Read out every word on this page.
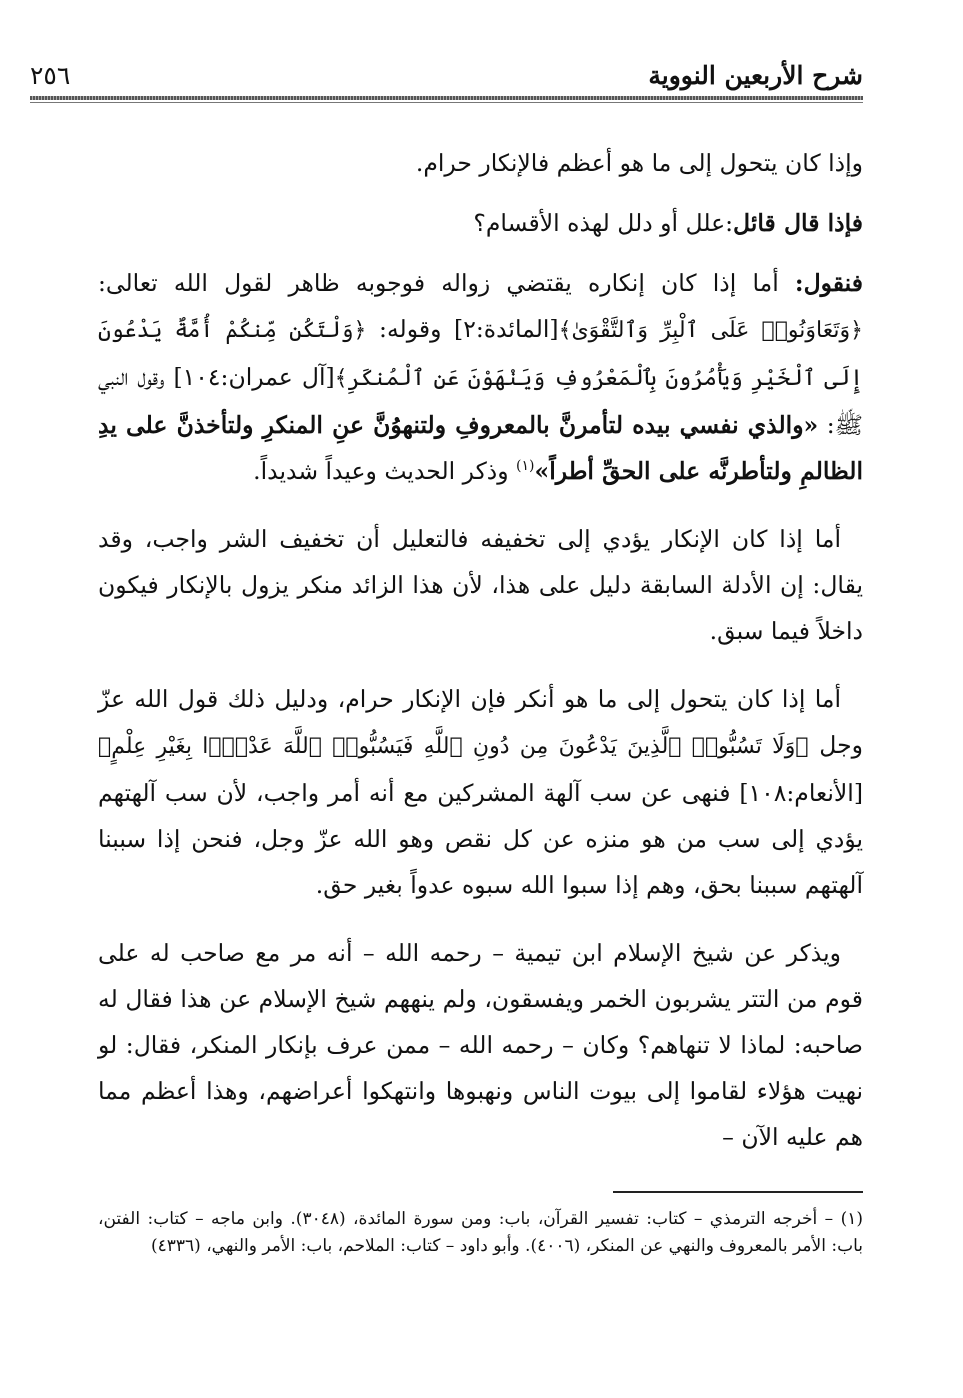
شرح الأربعين النووية
٢٥٦

وإذا كان يتحول إلى ما هو أعظم فالإنكار حرام.

فإذا قال قائل:علل أو دلل لهذه الأقسام؟

فنقول: أما إذا كان إنكاره يقتضي زواله فوجوبه ظاهر لقول الله تعالى: ﴿وَتَعَاوَنُوا۟ عَلَى ٱلْبِرِّ وَٱلتَّقْوَىٰ﴾[المائدة:٢] وقوله: ﴿وَلْتَكُن مِّنكُمْ أُمَّةٌ يَدْعُونَ إِلَى ٱلْخَيْرِ وَيَأْمُرُونَ بِٱلْمَعْرُوفِ وَيَنْهَوْنَ عَنِ ٱلْمُنكَرِ﴾[آل عمران:١٠٤] وقول النبي ﷺ: «والذي نفسي بيده لتأمرنَّ بالمعروفِ ولتنهوُنَّ عنِ المنكرِ ولتأخذنَّ على يدِ الظالمِ ولتأطرنَّه على الحقِّ أطراً»$^{(١)}$ وذكر الحديث وعيداً شديداً.

أما إذا كان الإنكار يؤدي إلى تخفيفه فالتعليل أن تخفيف الشر واجب، وقد يقال: إن الأدلة السابقة دليل على هذا، لأن هذا الزائد منكر يزول بالإنكار فيكون داخلاً فيما سبق.

أما إذا كان يتحول إلى ما هو أنكر فإن الإنكار حرام، ودليل ذلك قول الله عزّ وجل ﴿وَلَا تَسُبُّوا۟ ٱلَّذِينَ يَدْعُونَ مِن دُونِ ٱللَّهِ فَيَسُبُّوا۟ ٱللَّهَ عَدْوًۢا بِغَيْرِ عِلْمٍ﴾[الأنعام:١٠٨] فنهى عن سب آلهة المشركين مع أنه أمر واجب، لأن سب آلهتهم يؤدي إلى سب من هو منزه عن كل نقص وهو الله عزّ وجل، فنحن إذا سببنا آلهتهم سببنا بحق، وهم إذا سبوا الله سبوه عدواً بغير حق.

ويذكر عن شيخ الإسلام ابن تيمية – رحمه الله – أنه مر مع صاحب له على قوم من التتر يشربون الخمر ويفسقون، ولم ينههم شيخ الإسلام عن هذا فقال له صاحبه: لماذا لا تنهاهم؟ وكان – رحمه الله – ممن عرف بإنكار المنكر، فقال: لو نهيت هؤلاء لقاموا إلى بيوت الناس ونهبوها وانتهكوا أعراضهم، وهذا أعظم مما هم عليه الآن –

(١) – أخرجه الترمذي – كتاب: تفسير القرآن، باب: ومن سورة المائدة، (٣٠٤٨). وابن ماجه – كتاب: الفتن، باب: الأمر بالمعروف والنهي عن المنكر، (٤٠٠٦). وأبو داود – كتاب: الملاحم، باب: الأمر والنهي، (٤٣٣٦)
